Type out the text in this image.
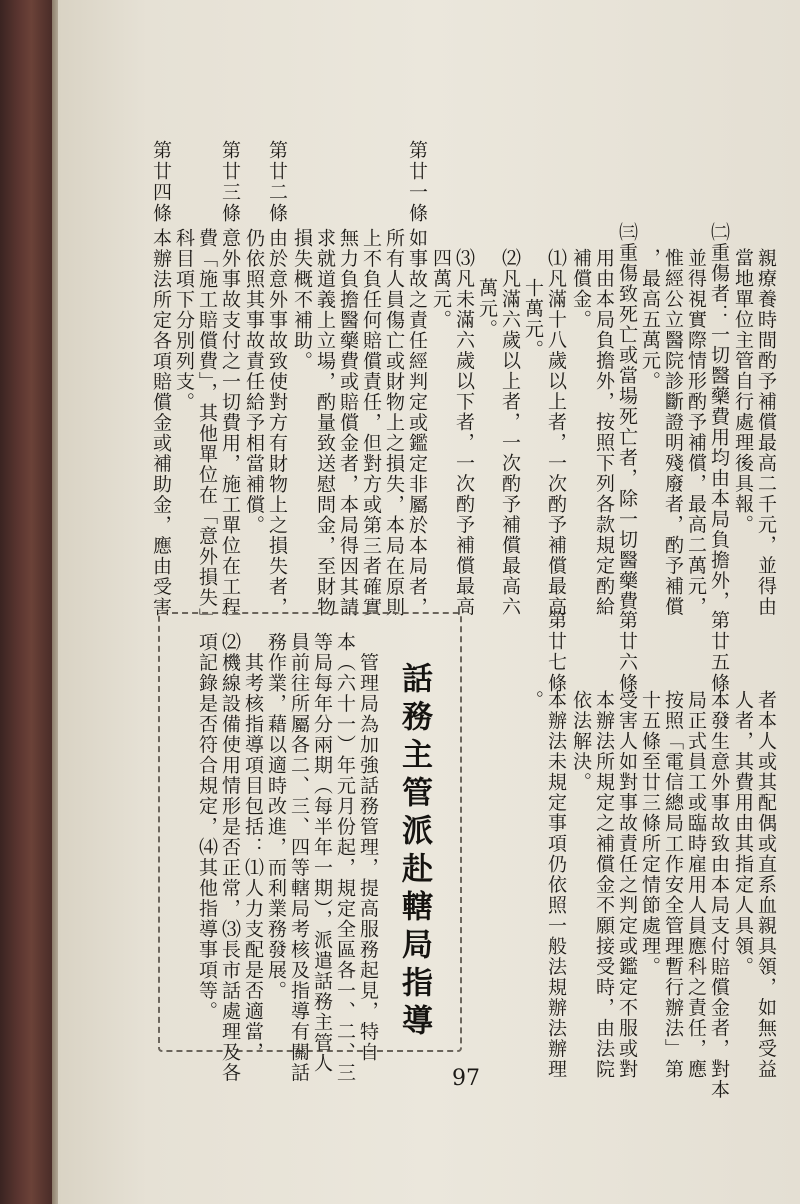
親療養時間酌予補償最高二千元，並得由
當地單位主管自行處理後具報。
㈡重傷者：一切醫藥費用均由本局負擔外，
並得視實際情形酌予補償，最高二萬元，
惟經公立醫院診斷證明殘廢者，酌予補償
，最高五萬元。
㈢重傷致死亡或當場死亡者，除一切醫藥費
用由本局負擔外，按照下列各款規定酌給
補償金。
⑴凡滿十八歲以上者，一次酌予補償最高
十萬元。
⑵凡滿六歲以上者，一次酌予補償最高六
萬元。
⑶凡未滿六歲以下者，一次酌予補償最高
四萬元。
第廿一條
如事故之責任經判定或鑑定非屬於本局者，
所有人員傷亡或財物上之損失，本局在原則
上不負任何賠償責任，但對方或第三者確實
無力負擔醫藥費或賠償金者，本局得因其請
求就道義上立場，酌量致送慰問金，至財物
損失概不補助。
第廿二條
由於意外事故致使對方有財物上之損失者，
仍依照其事故責任給予相當補償。
第廿三條
意外事故支付之一切費用，施工單位在工程
費「施工賠償費」，其他單位在「意外損失」
第廿四條
科目項下分別列支。
本辦法所定各項賠償金或補助金，應由受害
者本人或其配偶或直系血親具領，如無受益
人者，其費用由其指定人具領。
第廿五條
本發生意外事故致由本局支付賠償金者，對本
局正式員工或臨時雇用人員應科之責任，應
按照「電信總局工作安全管理暫行辦法」第
十五條至廿三條所定情節處理。
第廿六條
受害人如對事故責任之判定或鑑定不服或對
本辦法所規定之補償金不願接受時，由法院
依法解決。
第廿七條
本辦法未規定事項仍依照一般法規辦法辦理
。
話務主管派赴轄局指導
　管理局為加強話務管理，提高服務起見，特自
本（六十一）年元月份起，規定全區各一、二、三
等局每年分兩期（每半年一期），派遣話務主管人
員前往所屬各二、三、四等轄局考核及指導有關話
務作業，藉以適時改進，而利業務發展。
　其考核指導項目包括：⑴人力支配是否適當，
⑵機線設備使用情形是否正常，⑶長市話處理及各
項記錄是否符合規定，⑷其他指導事項等。
97
